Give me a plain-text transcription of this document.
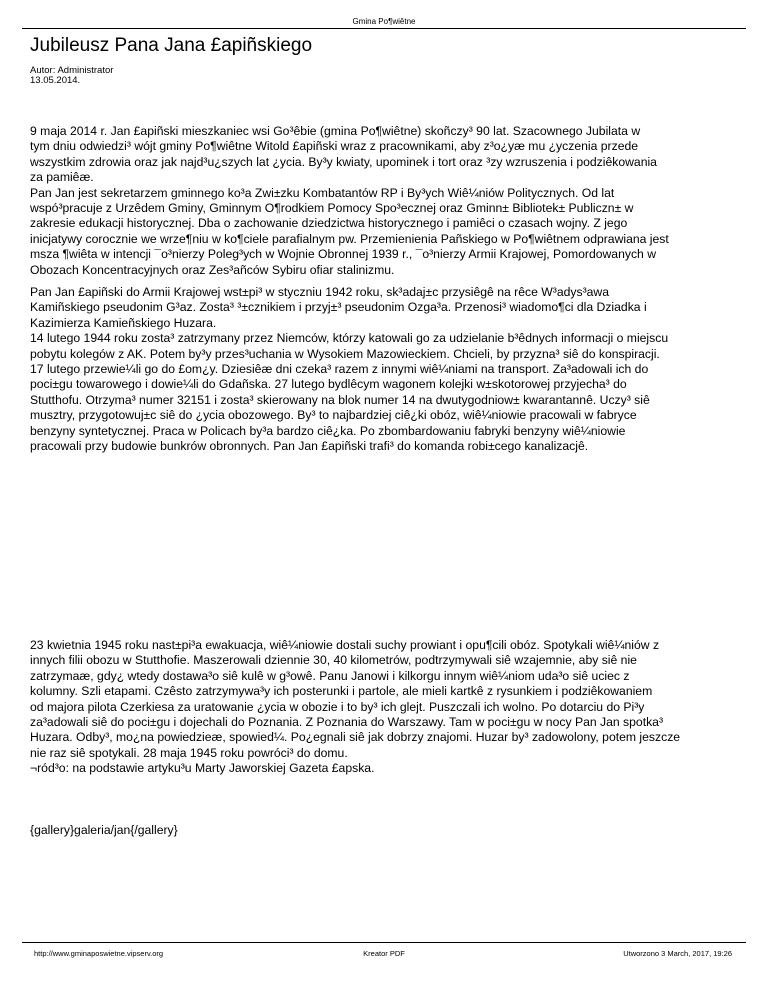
Gmina Po¶wiêtne
Jubileusz Pana Jana £apiñskiego
Autor: Administrator
13.05.2014.

9 maja 2014 r. Jan £apiñski mieszkaniec wsi Go³êbie (gmina Po¶wiêtne) skoñczy³ 90 lat. Szacownego Jubilata w
tym dniu odwiedzi³ wójt gminy Po¶wiêtne Witold £apiñski wraz z pracownikami, aby z³o¿yæ mu ¿yczenia przede
wszystkim zdrowia oraz jak najd³u¿szych lat ¿ycia. By³y kwiaty, upominek i tort oraz ³zy wzruszenia i podziêkowania
za pamiêæ.
Pan Jan jest sekretarzem gminnego ko³a Zwi±zku Kombatantów RP i By³ych Wiê¼niów Politycznych. Od lat
wspó³pracuje z Urzêdem Gminy, Gminnym O¶rodkiem Pomocy Spo³ecznej oraz Gminn± Bibliotek± Publiczn± w
zakresie edukacji historycznej. Dba o zachowanie dziedzictwa historycznego i pamiêci o czasach wojny. Z jego
inicjatywy corocznie we wrze¶niu w ko¶ciele parafialnym pw. Przemienienia Pañskiego w Po¶wiêtnem odprawiana jest
msza ¶wiêta w intencji ¯o³nierzy Poleg³ych w Wojnie Obronnej 1939 r., ¯o³nierzy Armii Krajowej, Pomordowanych w
Obozach Koncentracyjnych oraz Zes³añców Sybiru ofiar stalinizmu.

Pan Jan £apiñski do Armii Krajowej wst±pi³ w styczniu 1942 roku, sk³adaj±c przysiêgê na rêce W³adys³awa
Kamiñskiego pseudonim G³az. Zosta³ ³±cznikiem i przyj±³ pseudonim Ozga³a. Przenosi³ wiadomo¶ci dla Dziadka i
Kazimierza Kamieñskiego Huzara.
14 lutego 1944 roku zosta³ zatrzymany przez Niemców, którzy katowali go za udzielanie b³êdnych informacji o miejscu
pobytu kolegów z AK. Potem by³y przes³uchania w Wysokiem Mazowieckiem. Chcieli, by przyzna³ siê do konspiracji.
17 lutego przewie¼li go do £om¿y. Dziesiêæ dni czeka³ razem z innymi wiê¼niami na transport. Za³adowali ich do
poci±gu towarowego i dowie¼li do Gdañska. 27 lutego bydlêcym wagonem kolejki w±skotorowej przyjecha³ do
Stutthofu. Otrzyma³ numer 32151 i zosta³ skierowany na blok numer 14 na dwutygodniow± kwarantannê. Uczy³ siê
musztry, przygotowuj±c siê do ¿ycia obozowego. By³ to najbardziej ciê¿ki obóz, wiê¼niowie pracowali w fabryce
benzyny syntetycznej. Praca w Policach by³a bardzo ciê¿ka. Po zbombardowaniu fabryki benzyny wiê¼niowie
pracowali przy budowie bunkrów obronnych. Pan Jan £apiñski trafi³ do komanda robi±cego kanalizacjê.

23 kwietnia 1945 roku nast±pi³a ewakuacja, wiê¼niowie dostali suchy prowiant i opu¶cili obóz. Spotykali wiê¼niów z
innych filii obozu w Stutthofie. Maszerowali dziennie 30, 40 kilometrów, podtrzymywali siê wzajemnie, aby siê nie
zatrzymaæ, gdy¿ wtedy dostawa³o siê kulê w g³owê. Panu Janowi i kilkorgu innym wiê¼niom uda³o siê uciec z
kolumny. Szli etapami. Czêsto zatrzymywa³y ich posterunki i partole, ale mieli kartkê z rysunkiem i podziêkowaniem
od majora pilota Czerkiesa za uratowanie ¿ycia w obozie i to by³ ich glejt. Puszczali ich wolno. Po dotarciu do Pi³y
za³adowali siê do poci±gu i dojechali do Poznania. Z Poznania do Warszawy. Tam w poci±gu w nocy Pan Jan spotka³
Huzara. Odby³, mo¿na powiedzieæ, spowied¼. Po¿egnali siê jak dobrzy znajomi. Huzar by³ zadowolony, potem jeszcze
nie raz siê spotykali. 28 maja 1945 roku powróci³ do domu.
¬ród³o: na podstawie artyku³u Marty Jaworskiej Gazeta £apska.

{gallery}galeria/jan{/gallery}

http://www.gminaposwietne.vipserv.org	Kreator PDF	Utworzono 3 March, 2017, 19:26
